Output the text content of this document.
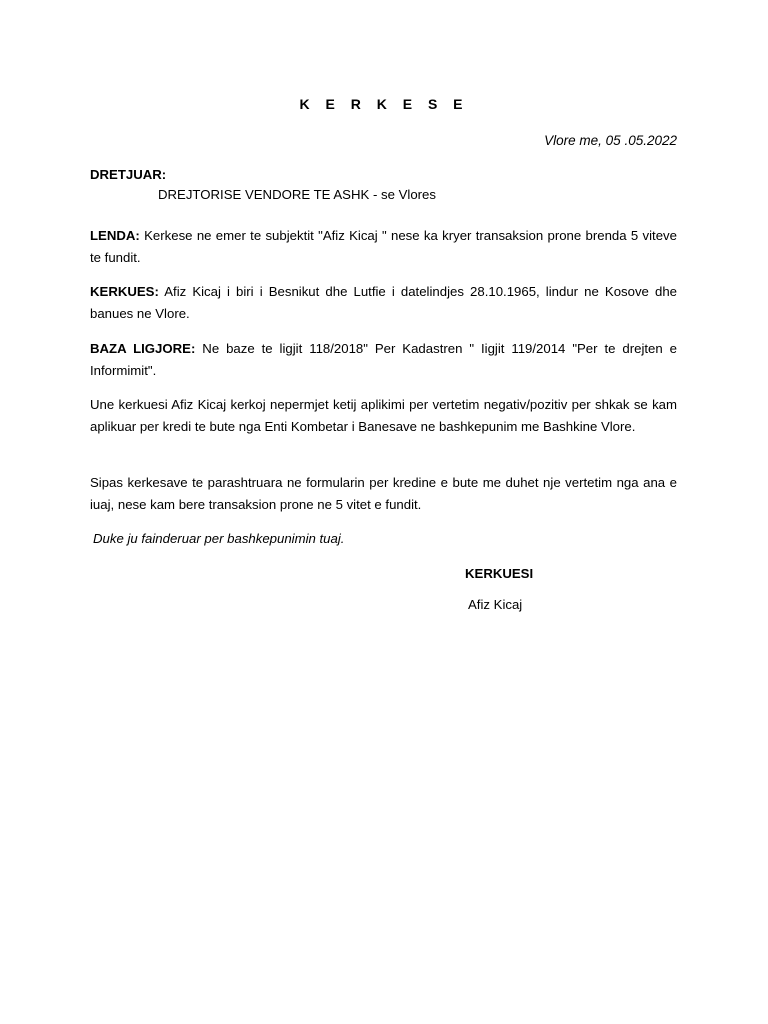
K E R K E S E
Vlore me, 05 .05.2022
DRETJUAR:
DREJTORISE VENDORE TE ASHK - se Vlores
LENDA: Kerkese ne emer te subjektit "Afiz Kicaj " nese ka kryer transaksion prone brenda 5 viteve te fundit.
KERKUES: Afiz Kicaj i biri i Besnikut dhe Lutfie i datelindjes 28.10.1965, lindur ne Kosove dhe banues ne Vlore.
BAZA LIGJORE: Ne baze te ligjit 118/2018" Per Kadastren " Iigjit 119/2014 "Per te drejten e Informimit".
Une kerkuesi Afiz Kicaj kerkoj nepermjet ketij aplikimi per vertetim negativ/pozitiv per shkak se kam aplikuar per kredi te bute nga Enti Kombetar i Banesave ne bashkepunim me Bashkine Vlore.
Sipas kerkesave te parashtruara ne formularin per kredine e bute me duhet nje vertetim nga ana e iuaj, nese kam bere transaksion prone ne 5 vitet e fundit.
Duke ju fainderuar per bashkepunimin tuaj.
KERKUESI
Afiz Kicaj
